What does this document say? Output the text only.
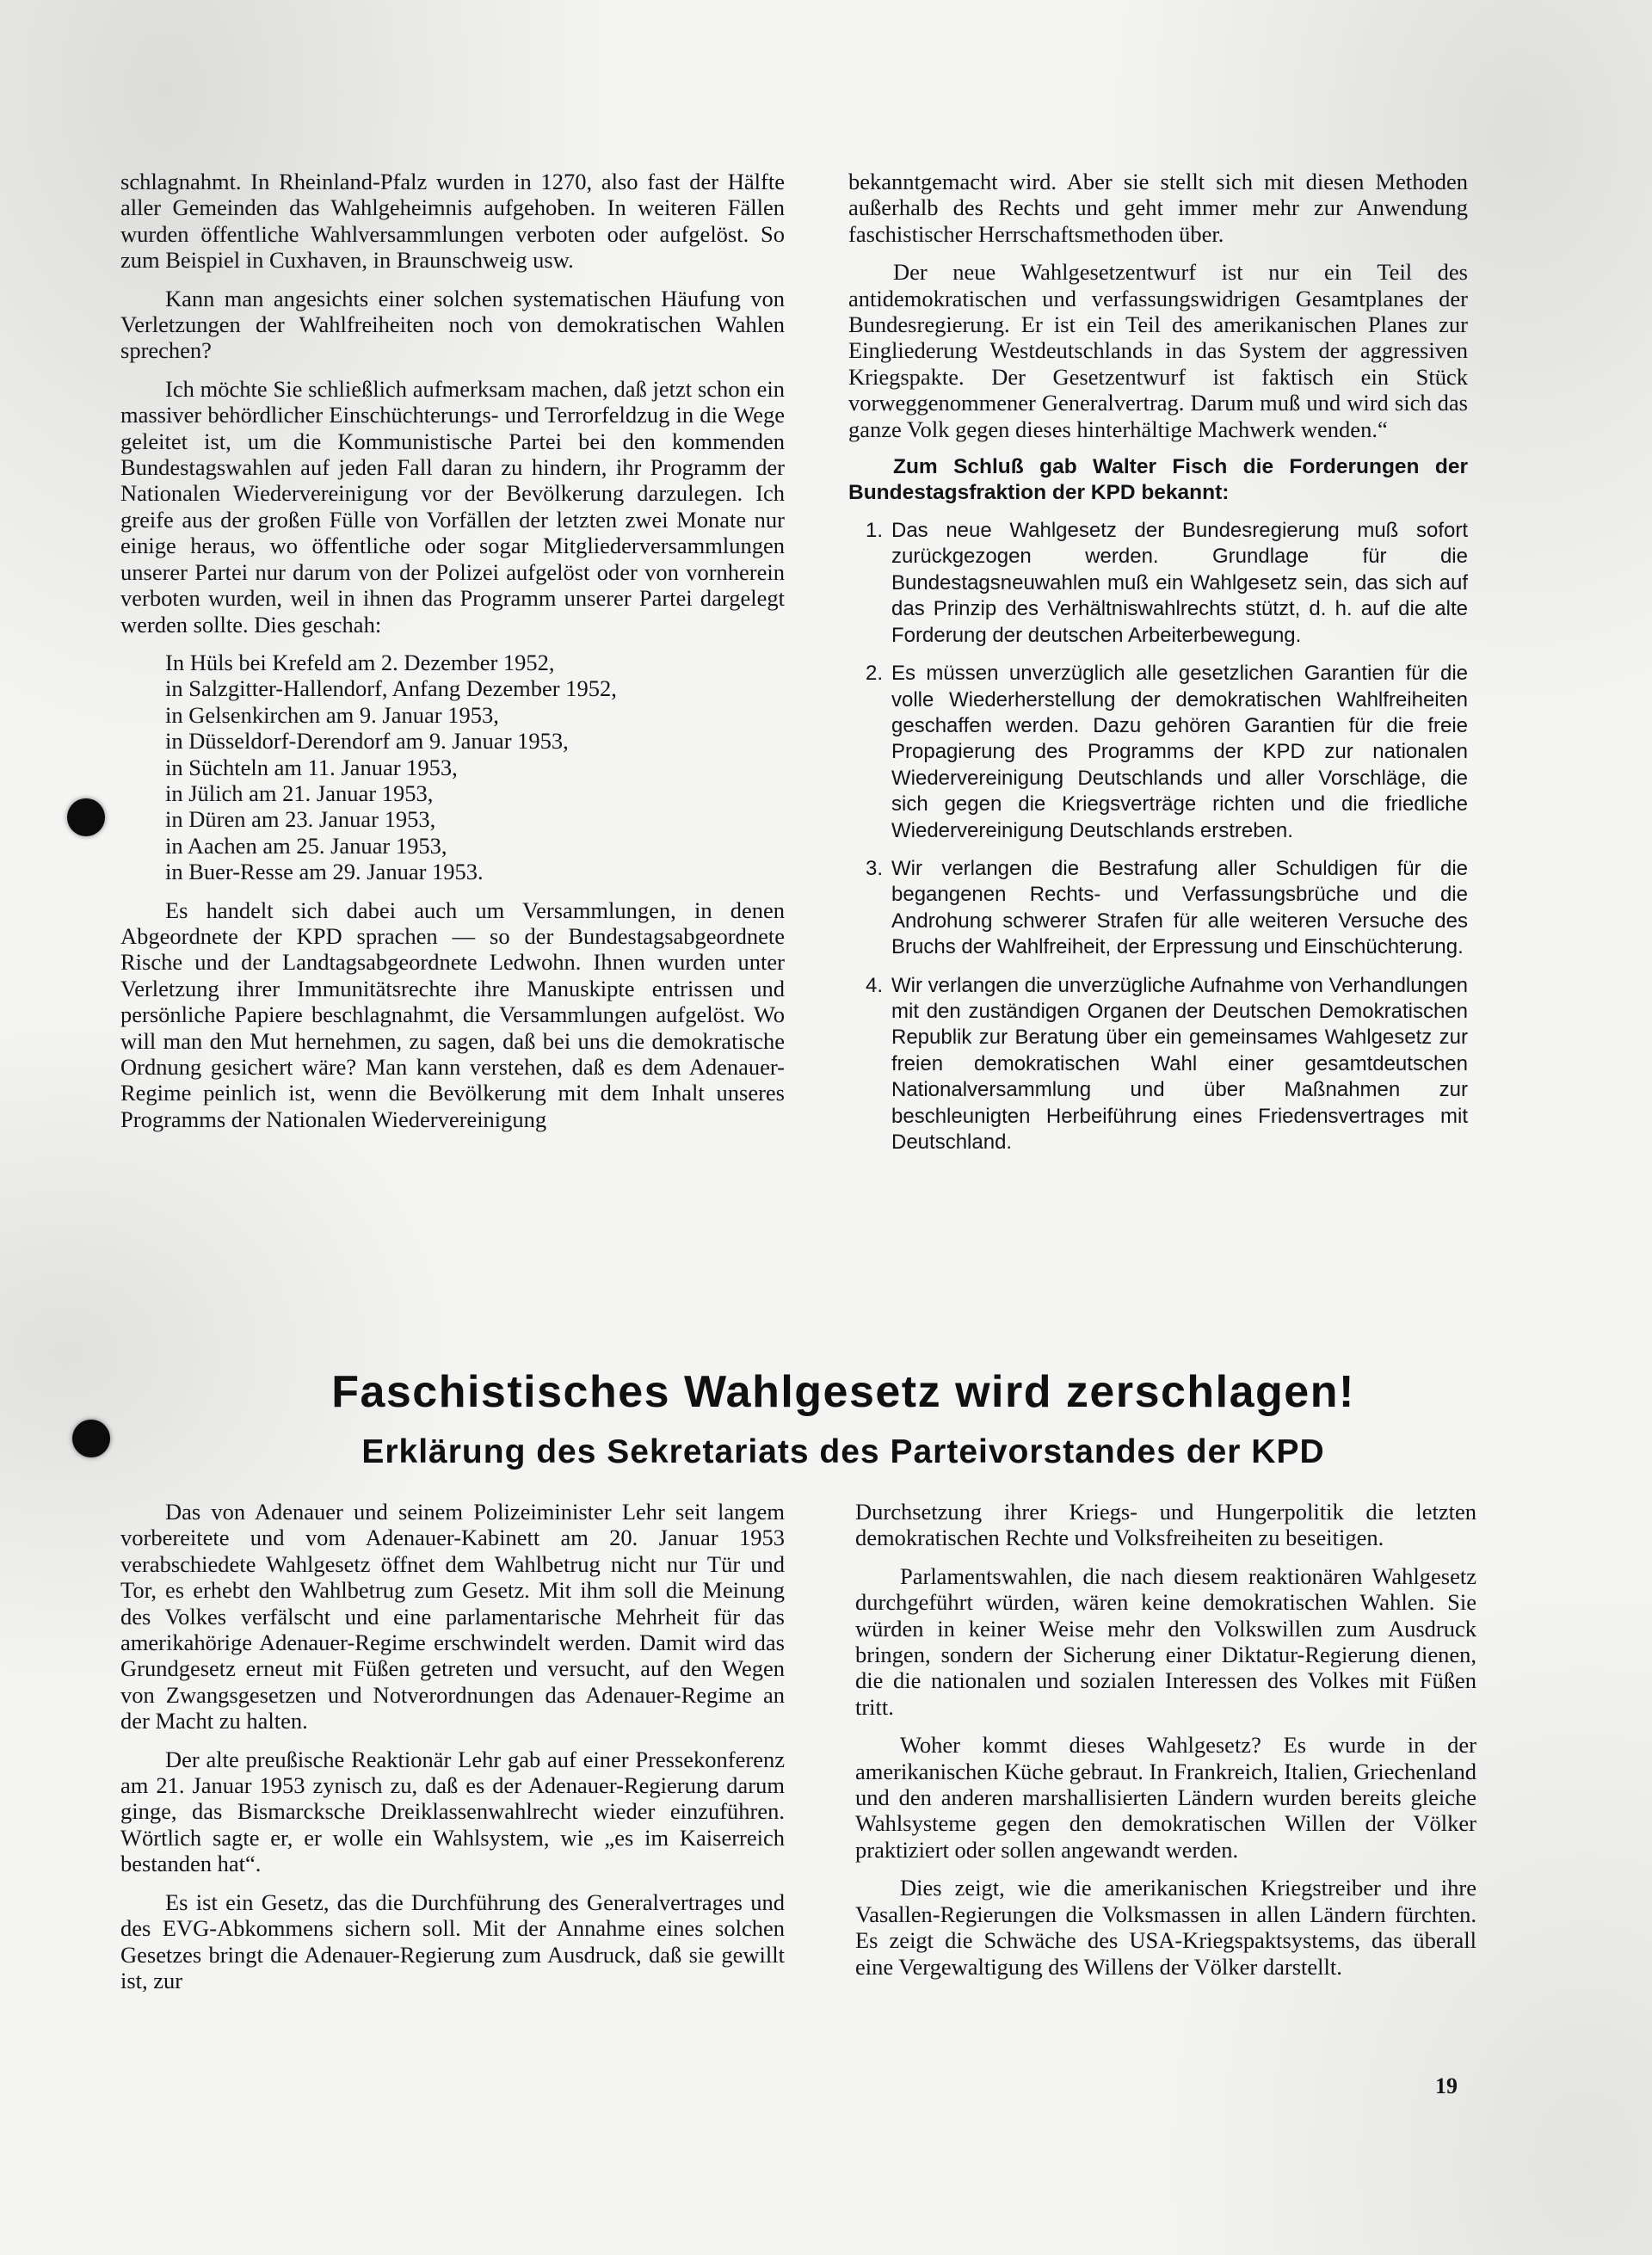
schlagnahmt. In Rheinland-Pfalz wurden in 1270, also fast der Hälfte aller Gemeinden das Wahlgeheimnis aufgehoben. In weiteren Fällen wurden öffentliche Wahlversammlungen verboten oder aufgelöst. So zum Beispiel in Cuxhaven, in Braunschweig usw.

Kann man angesichts einer solchen systematischen Häufung von Verletzungen der Wahlfreiheiten noch von demokratischen Wahlen sprechen?

Ich möchte Sie schließlich aufmerksam machen, daß jetzt schon ein massiver behördlicher Einschüchterungs- und Terrorfeldzug in die Wege geleitet ist, um die Kommunistische Partei bei den kommenden Bundestagswahlen auf jeden Fall daran zu hindern, ihr Programm der Nationalen Wiedervereinigung vor der Bevölkerung darzulegen. Ich greife aus der großen Fülle von Vorfällen der letzten zwei Monate nur einige heraus, wo öffentliche oder sogar Mitgliederversammlungen unserer Partei nur darum von der Polizei aufgelöst oder von vornherein verboten wurden, weil in ihnen das Programm unserer Partei dargelegt werden sollte. Dies geschah:

In Hüls bei Krefeld am 2. Dezember 1952,
in Salzgitter-Hallendorf, Anfang Dezember 1952,
in Gelsenkirchen am 9. Januar 1953,
in Düsseldorf-Derendorf am 9. Januar 1953,
in Süchteln am 11. Januar 1953,
in Jülich am 21. Januar 1953,
in Düren am 23. Januar 1953,
in Aachen am 25. Januar 1953,
in Buer-Resse am 29. Januar 1953.

Es handelt sich dabei auch um Versammlungen, in denen Abgeordnete der KPD sprachen — so der Bundestagsabgeordnete Rische und der Landtagsabgeordnete Ledwohn. Ihnen wurden unter Verletzung ihrer Immunitätsrechte ihre Manuskipte entrissen und persönliche Papiere beschlagnahmt, die Versammlungen aufgelöst. Wo will man den Mut hernehmen, zu sagen, daß bei uns die demokratische Ordnung gesichert wäre? Man kann verstehen, daß es dem Adenauer-Regime peinlich ist, wenn die Bevölkerung mit dem Inhalt unseres Programms der Nationalen Wiedervereinigung

bekanntgemacht wird. Aber sie stellt sich mit diesen Methoden außerhalb des Rechts und geht immer mehr zur Anwendung faschistischer Herrschaftsmethoden über.

Der neue Wahlgesetzentwurf ist nur ein Teil des antidemokratischen und verfassungswidrigen Gesamtplanes der Bundesregierung. Er ist ein Teil des amerikanischen Planes zur Eingliederung Westdeutschlands in das System der aggressiven Kriegspakte. Der Gesetzentwurf ist faktisch ein Stück vorweggenommener Generalvertrag. Darum muß und wird sich das ganze Volk gegen dieses hinterhältige Machwerk wenden.“

Zum Schluß gab Walter Fisch die Forderungen der Bundestagsfraktion der KPD bekannt:

1. Das neue Wahlgesetz der Bundesregierung muß sofort zurückgezogen werden. Grundlage für die Bundestagsneuwahlen muß ein Wahlgesetz sein, das sich auf das Prinzip des Verhältniswahlrechts stützt, d. h. auf die alte Forderung der deutschen Arbeiterbewegung.
2. Es müssen unverzüglich alle gesetzlichen Garantien für die volle Wiederherstellung der demokratischen Wahlfreiheiten geschaffen werden. Dazu gehören Garantien für die freie Propagierung des Programms der KPD zur nationalen Wiedervereinigung Deutschlands und aller Vorschläge, die sich gegen die Kriegsverträge richten und die friedliche Wiedervereinigung Deutschlands erstreben.
3. Wir verlangen die Bestrafung aller Schuldigen für die begangenen Rechts- und Verfassungsbrüche und die Androhung schwerer Strafen für alle weiteren Versuche des Bruchs der Wahlfreiheit, der Erpressung und Einschüchterung.
4. Wir verlangen die unverzügliche Aufnahme von Verhandlungen mit den zuständigen Organen der Deutschen Demokratischen Republik zur Beratung über ein gemeinsames Wahlgesetz zur freien demokratischen Wahl einer gesamtdeutschen Nationalversammlung und über Maßnahmen zur beschleunigten Herbeiführung eines Friedensvertrages mit Deutschland.
Faschistisches Wahlgesetz wird zerschlagen!
Erklärung des Sekretariats des Parteivorstandes der KPD

Das von Adenauer und seinem Polizeiminister Lehr seit langem vorbereitete und vom Adenauer-Kabinett am 20. Januar 1953 verabschiedete Wahlgesetz öffnet dem Wahlbetrug nicht nur Tür und Tor, es erhebt den Wahlbetrug zum Gesetz. Mit ihm soll die Meinung des Volkes verfälscht und eine parlamentarische Mehrheit für das amerikahörige Adenauer-Regime erschwindelt werden. Damit wird das Grundgesetz erneut mit Füßen getreten und versucht, auf den Wegen von Zwangsgesetzen und Notverordnungen das Adenauer-Regime an der Macht zu halten.

Der alte preußische Reaktionär Lehr gab auf einer Pressekonferenz am 21. Januar 1953 zynisch zu, daß es der Adenauer-Regierung darum ginge, das Bismarcksche Dreiklassenwahlrecht wieder einzuführen. Wörtlich sagte er, er wolle ein Wahlsystem, wie „es im Kaiserreich bestanden hat“.

Es ist ein Gesetz, das die Durchführung des Generalvertrages und des EVG-Abkommens sichern soll. Mit der Annahme eines solchen Gesetzes bringt die Adenauer-Regierung zum Ausdruck, daß sie gewillt ist, zur

Durchsetzung ihrer Kriegs- und Hungerpolitik die letzten demokratischen Rechte und Volksfreiheiten zu beseitigen.

Parlamentswahlen, die nach diesem reaktionären Wahlgesetz durchgeführt würden, wären keine demokratischen Wahlen. Sie würden in keiner Weise mehr den Volkswillen zum Ausdruck bringen, sondern der Sicherung einer Diktatur-Regierung dienen, die die nationalen und sozialen Interessen des Volkes mit Füßen tritt.

Woher kommt dieses Wahlgesetz? Es wurde in der amerikanischen Küche gebraut. In Frankreich, Italien, Griechenland und den anderen marshallisierten Ländern wurden bereits gleiche Wahlsysteme gegen den demokratischen Willen der Völker praktiziert oder sollen angewandt werden.

Dies zeigt, wie die amerikanischen Kriegstreiber und ihre Vasallen-Regierungen die Volksmassen in allen Ländern fürchten. Es zeigt die Schwäche des USA-Kriegspaktsystems, das überall eine Vergewaltigung des Willens der Völker darstellt.

19
